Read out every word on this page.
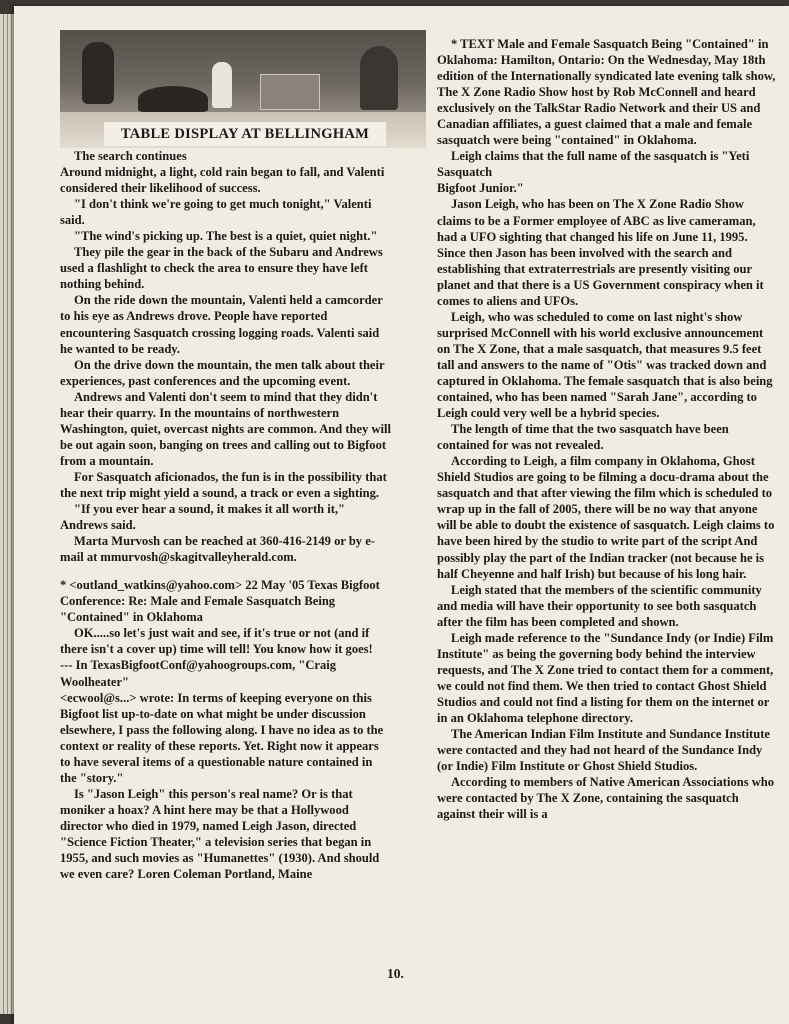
TABLE DISPLAY AT BELLINGHAM

The search continues

Around midnight, a light, cold rain began to fall, and Valenti considered their likelihood of success.

"I don't think we're going to get much tonight," Valenti said.

"The wind's picking up. The best is a quiet, quiet night."

They pile the gear in the back of the Subaru and Andrews used a flashlight to check the area to ensure they have left nothing behind.

On the ride down the mountain, Valenti held a camcorder to his eye as Andrews drove. People have reported encountering Sasquatch crossing logging roads. Valenti said he wanted to be ready.

On the drive down the mountain, the men talk about their experiences, past conferences and the upcoming event.

Andrews and Valenti don't seem to mind that they didn't hear their quarry. In the mountains of northwestern Washington, quiet, overcast nights are common. And they will be out again soon, banging on trees and calling out to Bigfoot from a mountain.

For Sasquatch aficionados, the fun is in the possibility that the next trip might yield a sound, a track or even a sighting.

"If you ever hear a sound, it makes it all worth it," Andrews said.

Marta Murvosh can be reached at 360-416-2149 or by e-mail at mmurvosh@skagitvalleyherald.com.

* <outland_watkins@yahoo.com> 22 May '05 Texas Bigfoot Conference: Re: Male and Female Sasquatch Being "Contained" in Oklahoma

OK.....so let's just wait and see, if it's true or not (and if there isn't a cover up) time will tell! You know how it goes!

--- In TexasBigfootConf@yahoogroups.com, "Craig Woolheater"

<ecwool@s...> wrote: In terms of keeping everyone on this Bigfoot list up-to-date on what might be under discussion elsewhere, I pass the following along. I have no idea as to the context or reality of these reports. Yet. Right now it appears to have several items of a questionable nature contained in the "story."

Is "Jason Leigh" this person's real name? Or is that moniker a hoax? A hint here may be that a Hollywood director who died in 1979, named Leigh Jason, directed "Science Fiction Theater," a television series that began in 1955, and such movies as "Humanettes" (1930). And should we even care? Loren Coleman Portland, Maine

* TEXT Male and Female Sasquatch Being "Contained" in Oklahoma: Hamilton, Ontario: On the Wednesday, May 18th edition of the Internationally syndicated late evening talk show, The X Zone Radio Show host by Rob McConnell and heard exclusively on the TalkStar Radio Network and their US and Canadian affiliates, a guest claimed that a male and female sasquatch were being "contained" in Oklahoma.

Leigh claims that the full name of the sasquatch is "Yeti Sasquatch

Bigfoot Junior."

Jason Leigh, who has been on The X Zone Radio Show claims to be a Former employee of ABC as live cameraman, had a UFO sighting that changed his life on June 11, 1995. Since then Jason has been involved with the search and establishing that extraterrestrials are presently visiting our planet and that there is a US Government conspiracy when it comes to aliens and UFOs.

Leigh, who was scheduled to come on last night's show surprised McConnell with his world exclusive announcement on The X Zone, that a male sasquatch, that measures 9.5 feet tall and answers to the name of "Otis" was tracked down and captured in Oklahoma. The female sasquatch that is also being contained, who has been named "Sarah Jane", according to Leigh could very well be a hybrid species.

The length of time that the two sasquatch have been contained for was not revealed.

According to Leigh, a film company in Oklahoma, Ghost Shield Studios are going to be filming a docu-drama about the sasquatch and that after viewing the film which is scheduled to wrap up in the fall of 2005, there will be no way that anyone will be able to doubt the existence of sasquatch. Leigh claims to have been hired by the studio to write part of the script And possibly play the part of the Indian tracker (not because he is half Cheyenne and half Irish) but because of his long hair.

Leigh stated that the members of the scientific community and media will have their opportunity to see both sasquatch after the film has been completed and shown.

Leigh made reference to the "Sundance Indy (or Indie) Film Institute" as being the governing body behind the interview requests, and The X Zone tried to contact them for a comment, we could not find them. We then tried to contact Ghost Shield Studios and could not find a listing for them on the internet or in an Oklahoma telephone directory.

The American Indian Film Institute and Sundance Institute were contacted and they had not heard of the Sundance Indy (or Indie) Film Institute or Ghost Shield Studios.

According to members of Native American Associations who were contacted by The X Zone, containing the sasquatch against their will is a

10.
